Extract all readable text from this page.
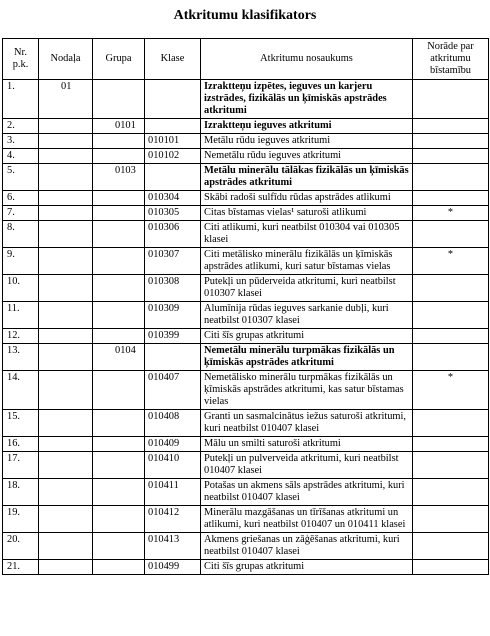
Atkritumu klasifikators
Nr. p.k.	Nodaļa	Grupa	Klase	Atkritumu nosaukums	Norāde par atkritumu bīstamību
1.	01			Izraktteņu izpētes, ieguves un karjeru izstrādes, fizikālās un ķīmiskās apstrādes atkritumi	
2.		0101		Izraktteņu ieguves atkritumi	
3.			010101	Metālu rūdu ieguves atkritumi	
4.			010102	Nemetālu rūdu ieguves atkritumi	
5.		0103		Metālu minerālu tālākas fizikālās un ķīmiskās apstrādes atkritumi	
6.			010304	Skābi radoši sulfīdu rūdas apstrādes atlikumi	
7.			010305	Citas bīstamas vielas¹ saturoši atlikumi	*
8.			010306	Citi atlikumi, kuri neatbilst 010304 vai 010305 klasei	
9.			010307	Citi metālisko minerālu fizikālās un ķīmiskās apstrādes atlikumi, kuri satur bīstamas vielas	*
10.			010308	Putekļi un pūderveida atkritumi, kuri neatbilst 010307 klasei	
11.			010309	Alumīnija rūdas ieguves sarkanie dubļi, kuri neatbilst 010307 klasei	
12.			010399	Citi šīs grupas atkritumi	
13.		0104		Nemetālu minerālu turpmākas fizikālās un ķīmiskās apstrādes atkritumi	
14.			010407	Nemetālisko minerālu turpmākas fizikālās un ķīmiskās apstrādes atkritumi, kas satur bīstamas vielas	*
15.			010408	Granti un sasmalcinātus iežus saturoši atkritumi, kuri neatbilst 010407 klasei	
16.			010409	Mālu un smilti saturoši atkritumi	
17.			010410	Putekļi un pulverveida atkritumi, kuri neatbilst 010407 klasei	
18.			010411	Potašas un akmens sāls apstrādes atkritumi, kuri neatbilst 010407 klasei	
19.			010412	Minerālu mazgāšanas un tīrīšanas atkritumi un atlikumi, kuri neatbilst 010407 un 010411 klasei	
20.			010413	Akmens griešanas un zāģēšanas atkritumi, kuri neatbilst 010407 klasei	
21.			010499	Citi šīs grupas atkritumi	
